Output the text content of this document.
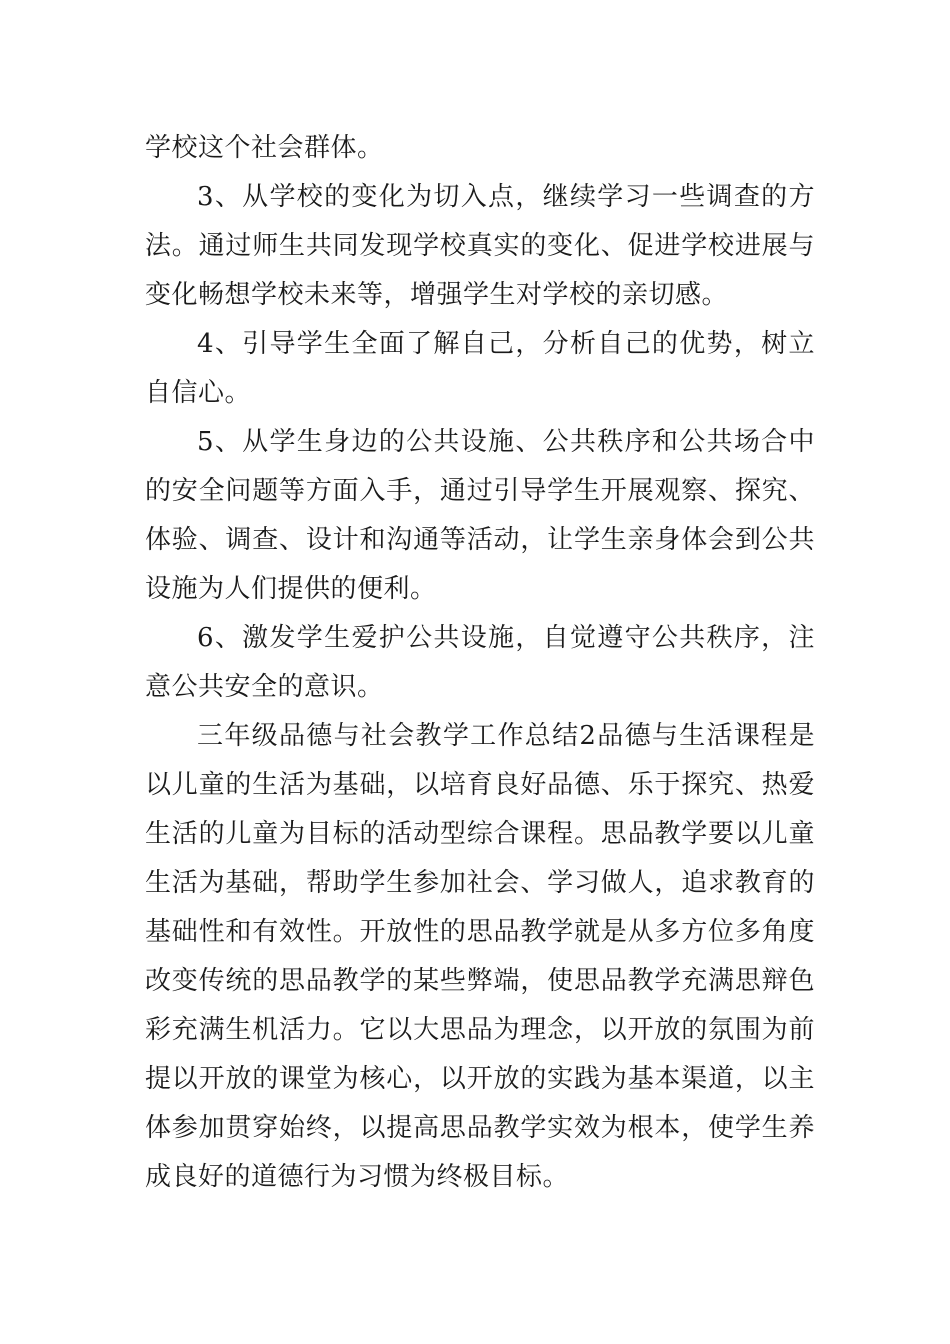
学校这个社会群体。

3、从学校的变化为切入点，继续学习一些调查的方法。通过师生共同发现学校真实的变化、促进学校进展与变化畅想学校未来等，增强学生对学校的亲切感。

4、引导学生全面了解自己，分析自己的优势，树立自信心。

5、从学生身边的公共设施、公共秩序和公共场合中的安全问题等方面入手，通过引导学生开展观察、探究、体验、调查、设计和沟通等活动，让学生亲身体会到公共设施为人们提供的便利。

6、激发学生爱护公共设施，自觉遵守公共秩序，注意公共安全的意识。

三年级品德与社会教学工作总结2品德与生活课程是以儿童的生活为基础，以培育良好品德、乐于探究、热爱生活的儿童为目标的活动型综合课程。思品教学要以儿童生活为基础，帮助学生参加社会、学习做人，追求教育的基础性和有效性。开放性的思品教学就是从多方位多角度改变传统的思品教学的某些弊端，使思品教学充满思辩色彩充满生机活力。它以大思品为理念，以开放的氛围为前提以开放的课堂为核心，以开放的实践为基本渠道，以主体参加贯穿始终，以提高思品教学实效为根本，使学生养成良好的道德行为习惯为终极目标。
